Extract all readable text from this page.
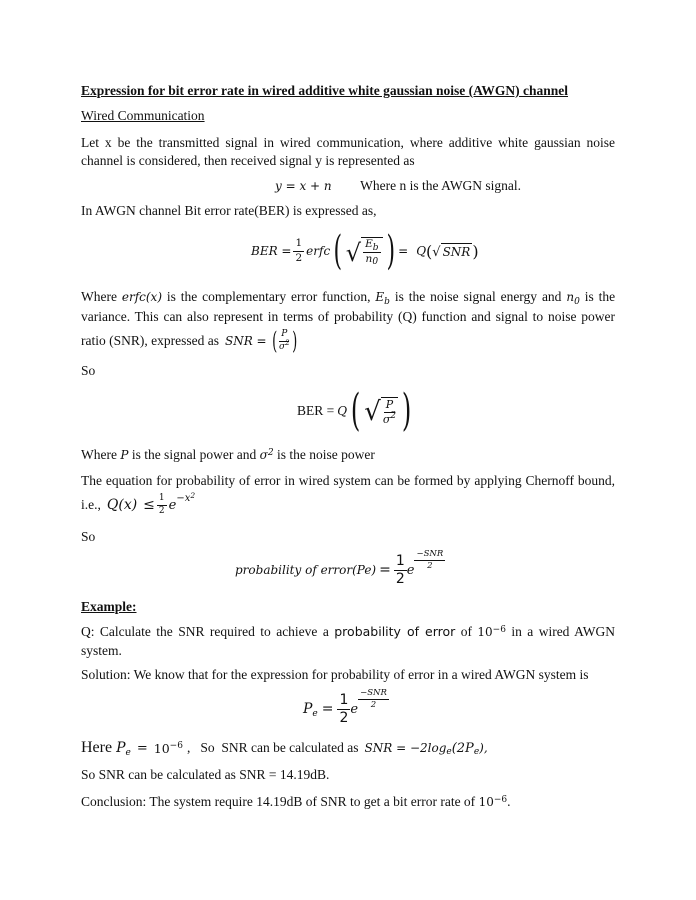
Expression for bit error rate in wired additive white gaussian noise (AWGN) channel
Wired Communication
Let x be the transmitted signal in wired communication, where additive white gaussian noise
channel is considered, then received signal y is represented as
y = x + n Where n is the AWGN signal.
In AWGN channel Bit error rate(BER) is expressed as,
BER = $\frac{1}{2}$ erfc ( √ $\frac{E_b}{n_0}$ ) = Q ( √ SNR )
Where erfc(x) is the complementary error function, $E_b$ is the noise signal energy and $n_0$ is the
variance. This can also represent in terms of probability (Q) function and signal to noise power
ratio (SNR), expressed as SNR = ( $\frac{P}{\sigma^2}$ )
So
BER = Q ( √ $\frac{P}{\sigma^2}$ )
Where P is the signal power and $\sigma^2$ is the noise power
The equation for probability of error in wired system can be formed by applying Chernoff bound,
i.e., $Q(x) \le \frac{1}{2}$ $e -x^2$
So
probability of error(Pe) = $\frac{1}{2}$ e $\frac{\text{−SNR}}{2}$
Example:
Q: Calculate the SNR required to achieve a probability of error of $10^{-6}$ in a wired AWGN
system.
Solution: We know that for the expression for probability of error in a wired AWGN system is
$P_e = \frac{1}{2}$ e $\frac{\text{−SNR}}{2}$
Here $P_e = 10^{-6}$ , So  SNR can be calculated as SNR = $-2\log_e(2P_e)$,
So SNR can be calculated as SNR = 14.19dB.
Conclusion: The system require 14.19dB of SNR to get a bit error rate of $10^{-6}$.
